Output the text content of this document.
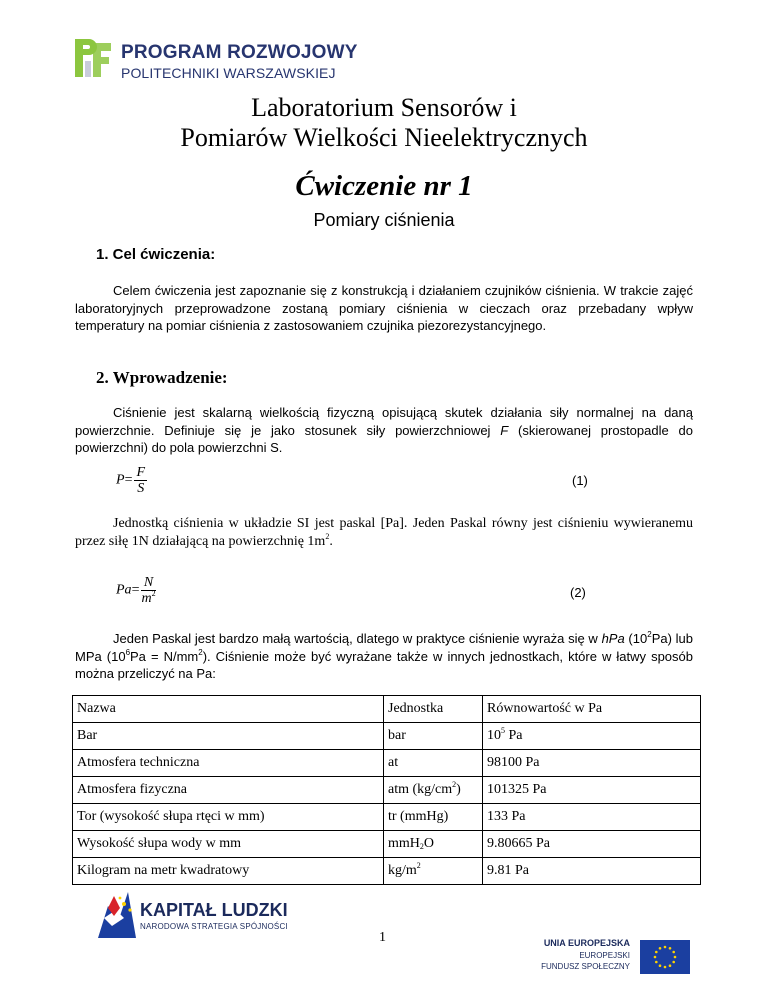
PROGRAM ROZWOJOWY
POLITECHNIKI WARSZAWSKIEJ
Laboratorium Sensorów i
Pomiarów Wielkości Nieelektrycznych
Ćwiczenie nr 1
Pomiary ciśnienia
1. Cel ćwiczenia:
Celem ćwiczenia jest zapoznanie się z konstrukcją i działaniem czujników ciśnienia. W trakcie zajęć laboratoryjnych przeprowadzone zostaną pomiary ciśnienia w cieczach oraz przebadany wpływ temperatury na pomiar ciśnienia z zastosowaniem czujnika piezorezystancyjnego.
2. Wprowadzenie:
Ciśnienie jest skalarną wielkością fizyczną opisującą skutek działania siły normalnej na daną powierzchnie. Definiuje się je jako stosunek siły powierzchniowej F (skierowanej prostopadle do powierzchni) do pola powierzchni S.
$P= \frac{F}{S}$	(1)
Jednostką ciśnienia w układzie SI jest paskal [Pa]. Jeden Paskal równy jest ciśnieniu wywieranemu przez siłę 1N działającą na powierzchnię $1m^2$.
$Pa= \frac{N}{m^2}$	(2)
Jeden Paskal jest bardzo małą wartością, dlatego w praktyce ciśnienie wyraża się w hPa $(10^2Pa)$ lub MPa $(10^6Pa = N/mm^2)$. Ciśnienie może być wyrażane także w innych jednostkach, które w łatwy sposób można przeliczyć na Pa:
Nazwa	Jednostka	Równowartość w Pa
Bar	bar	$10^5$ Pa
Atmosfera techniczna	at	98100 Pa
Atmosfera fizyczna	atm $(kg/cm^2)$	101325 Pa
Tor (wysokość słupa rtęci w mm)	tr (mmHg)	133 Pa
Wysokość słupa wody w mm	mmH$_2$O	9.80665 Pa
Kilogram na metr kwadratowy	$kg/m^2$	9.81 Pa
KAPITAŁ LUDZKI
NARODOWA STRATEGIA SPÓJNOŚCI
1	UNIA EUROPEJSKA
EUROPEJSKI
FUNDUSZ SPOŁECZNY
